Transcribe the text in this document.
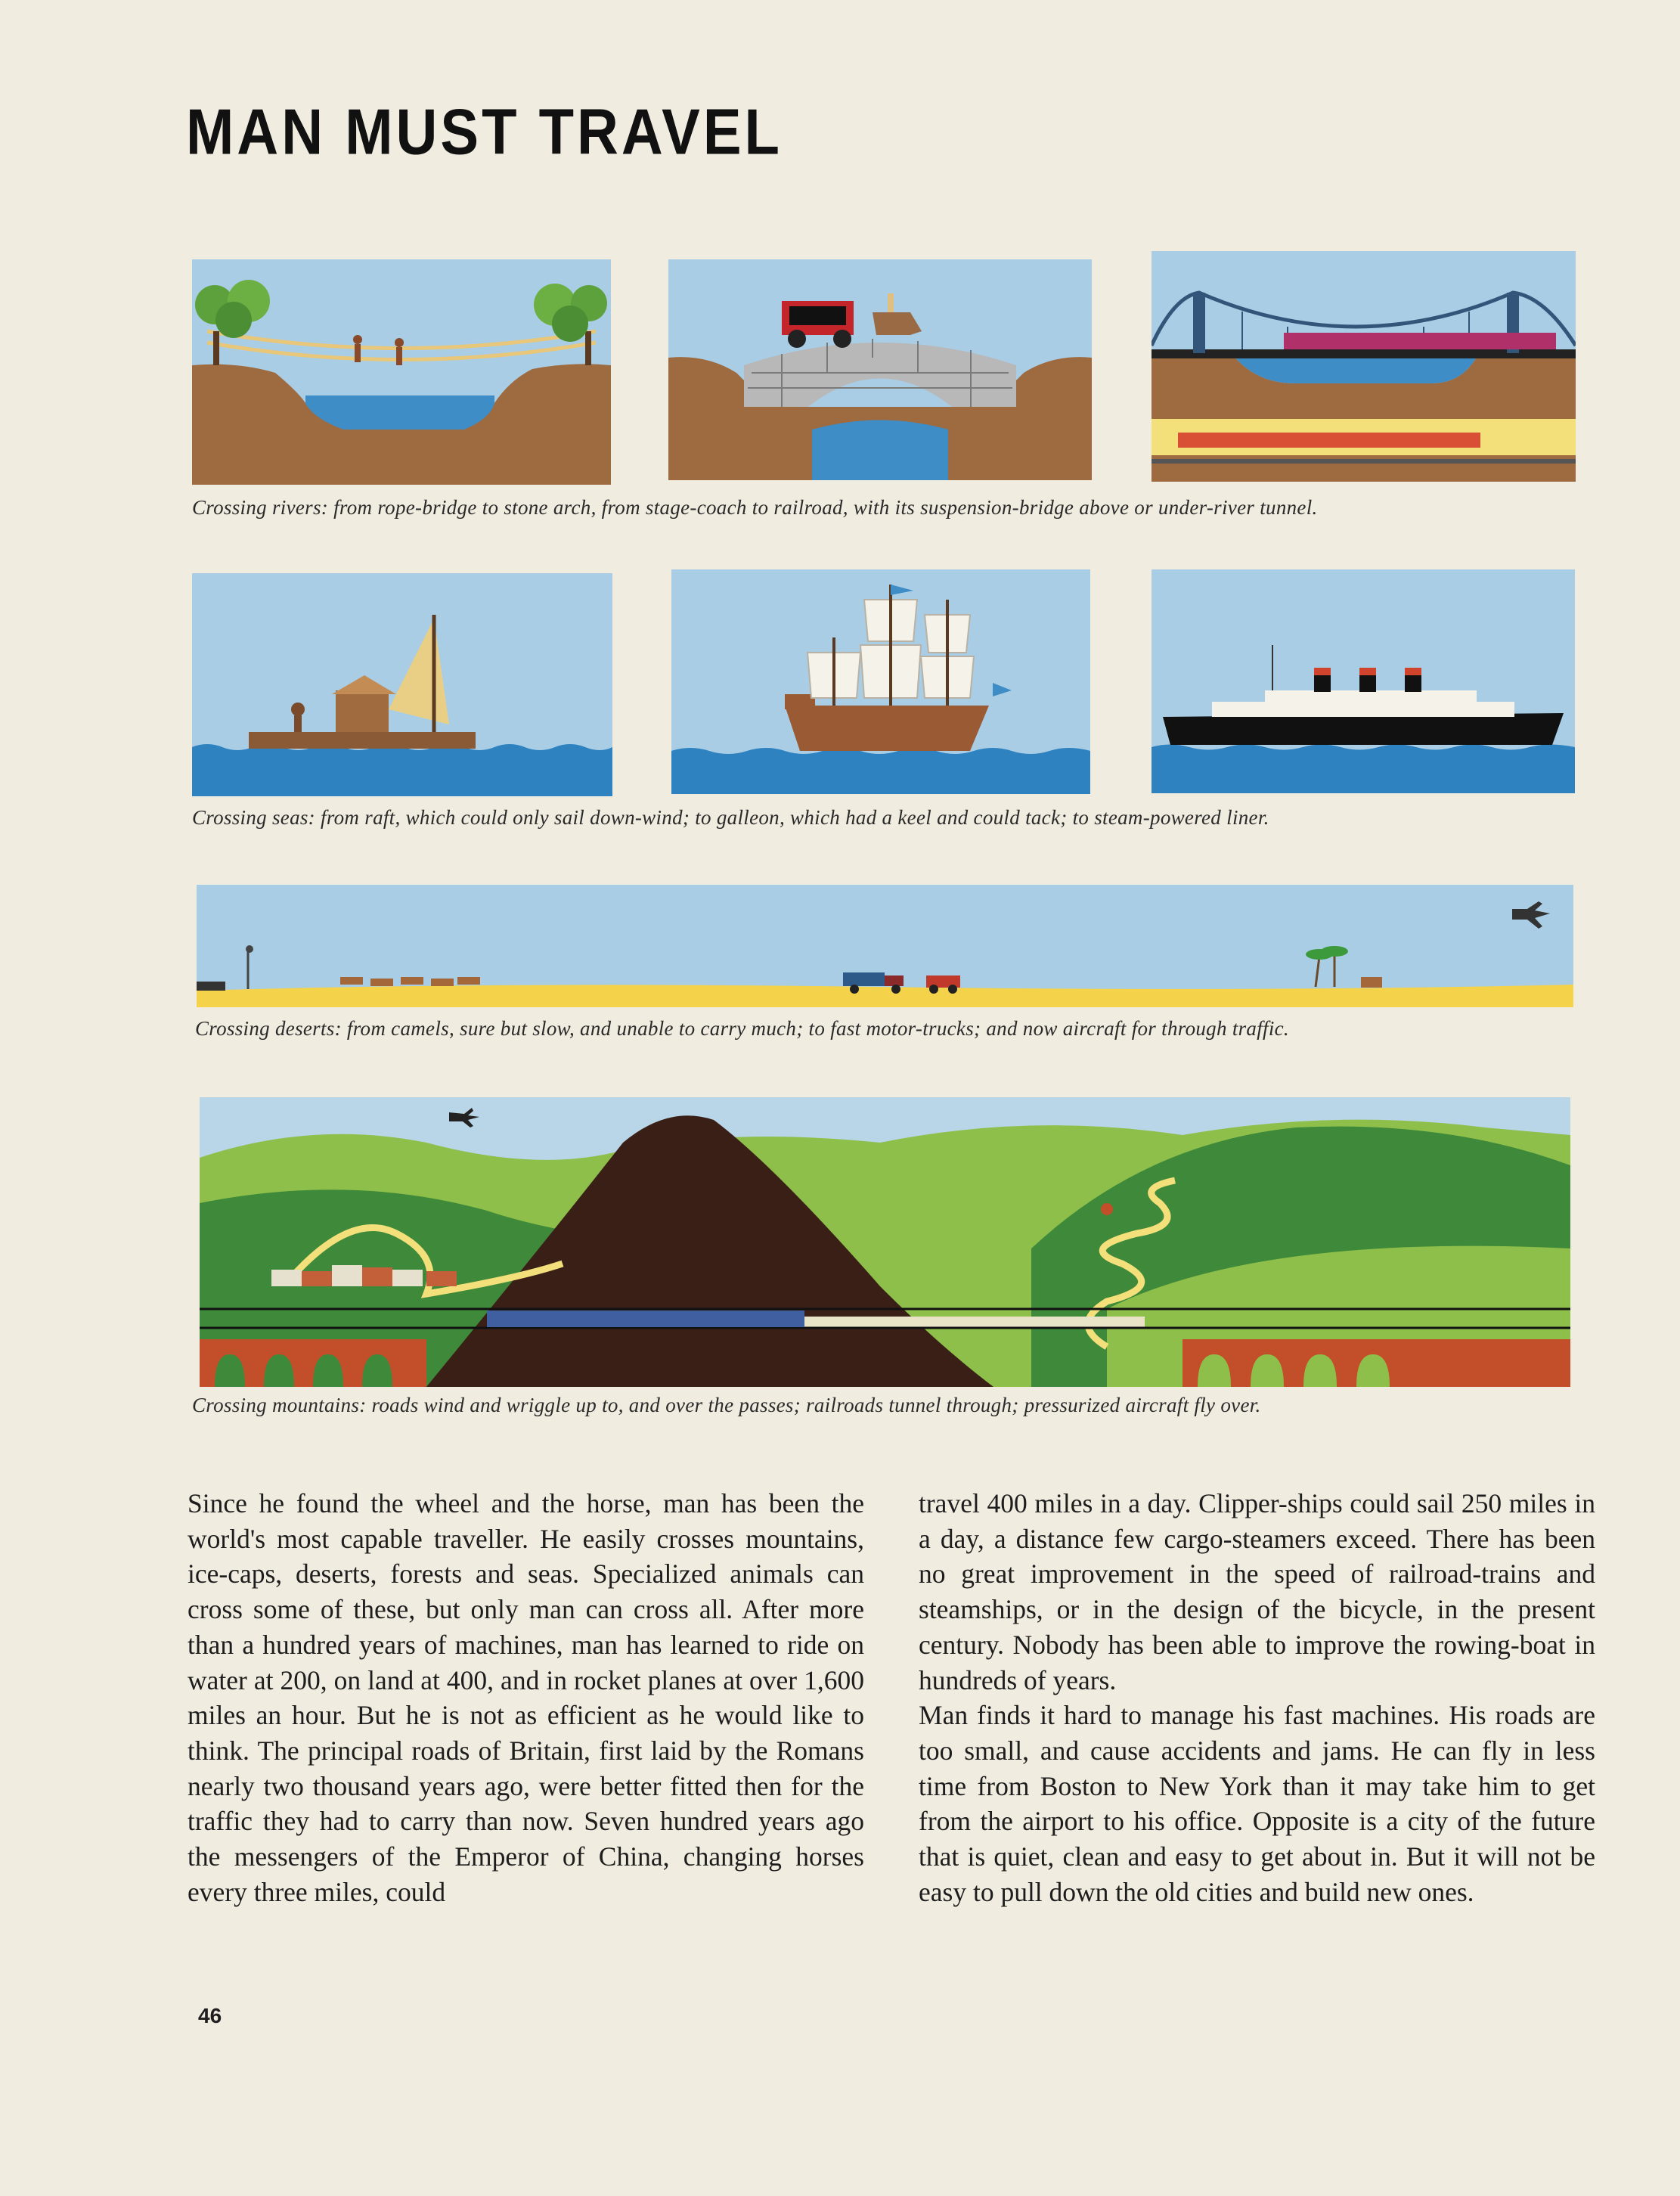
MAN MUST TRAVEL
Crossing rivers: from rope-bridge to stone arch, from stage-coach to railroad, with its suspension-bridge above or under-river tunnel.
Crossing seas: from raft, which could only sail down-wind; to galleon, which had a keel and could tack; to steam-powered liner.
Crossing deserts: from camels, sure but slow, and unable to carry much; to fast motor-trucks; and now aircraft for through traffic.
Crossing mountains: roads wind and wriggle up to, and over the passes; railroads tunnel through; pressurized aircraft fly over.

Since he found the wheel and the horse, man has been the world's most capable traveller. He easily crosses mountains, ice-caps, deserts, forests and seas. Specialized animals can cross some of these, but only man can cross all. After more than a hundred years of machines, man has learned to ride on water at 200, on land at 400, and in rocket planes at over 1,600 miles an hour. But he is not as efficient as he would like to think. The principal roads of Britain, first laid by the Romans nearly two thousand years ago, were better fitted then for the traffic they had to carry than now. Seven hundred years ago the messengers of the Emperor of China, changing horses every three miles, could

travel 400 miles in a day. Clipper-ships could sail 250 miles in a day, a distance few cargo-steamers exceed. There has been no great improvement in the speed of railroad-trains and steamships, or in the design of the bicycle, in the present century. Nobody has been able to improve the rowing-boat in hundreds of years.

Man finds it hard to manage his fast machines. His roads are too small, and cause accidents and jams. He can fly in less time from Boston to New York than it may take him to get from the airport to his office. Opposite is a city of the future that is quiet, clean and easy to get about in. But it will not be easy to pull down the old cities and build new ones.

46
